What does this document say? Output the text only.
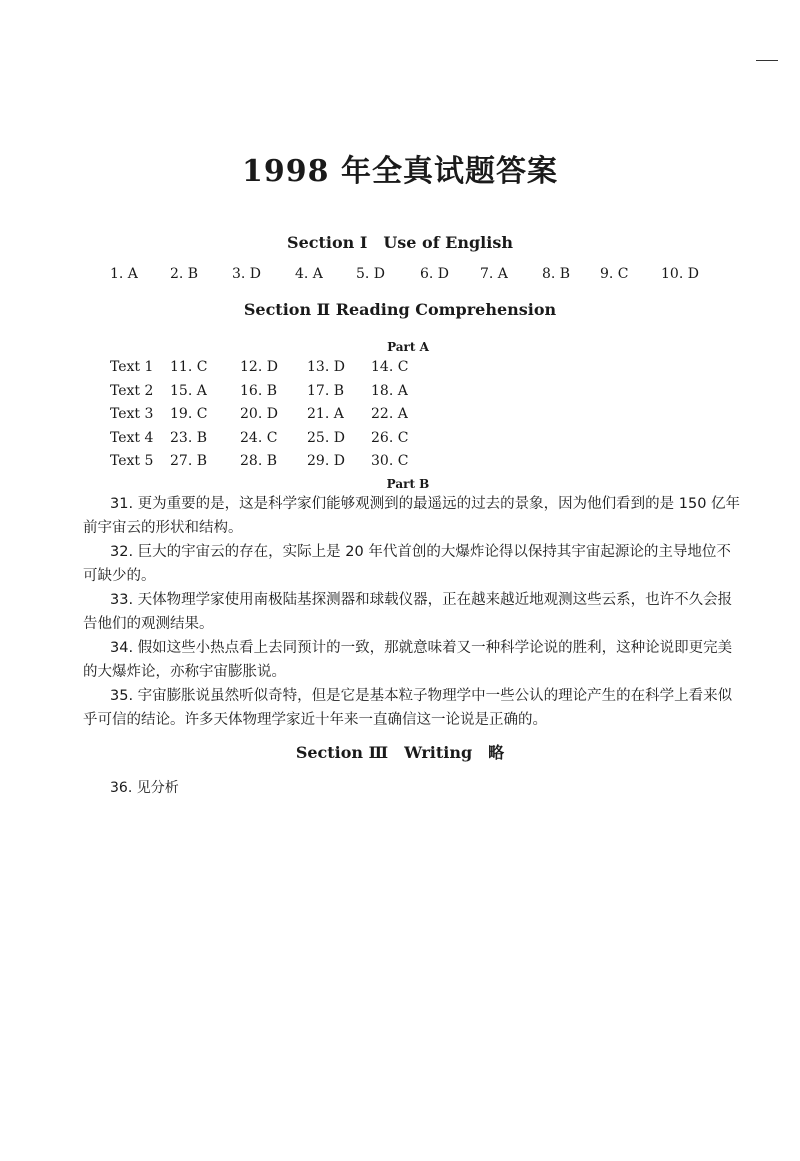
1998 年全真试题答案
Section Ⅰ　Use of English
1. A 2. B 3. D 4. A 5. D 6. D 7. A 8. B 9. C 10. D
Section Ⅱ Reading Comprehension
Part A
Text 1 11. C 12. D 13. D 14. C
Text 2 15. A 16. B 17. B 18. A
Text 3 19. C 20. D 21. A 22. A
Text 4 23. B 24. C 25. D 26. C
Text 5 27. B 28. B 29. D 30. C
Part B

31. 更为重要的是，这是科学家们能够观测到的最遥远的过去的景象，因为他们看到的是 150 亿年前宇宙云的形状和结构。

32. 巨大的宇宙云的存在，实际上是 20 年代首创的大爆炸论得以保持其宇宙起源论的主导地位不可缺少的。

33. 天体物理学家使用南极陆基探测器和球载仪器，正在越来越近地观测这些云系，也许不久会报告他们的观测结果。

34. 假如这些小热点看上去同预计的一致，那就意味着又一种科学论说的胜利，这种论说即更完美的大爆炸论，亦称宇宙膨胀说。

35. 宇宙膨胀说虽然听似奇特，但是它是基本粒子物理学中一些公认的理论产生的在科学上看来似乎可信的结论。许多天体物理学家近十年来一直确信这一论说是正确的。

Section Ⅲ　Writing　略

36. 见分析
